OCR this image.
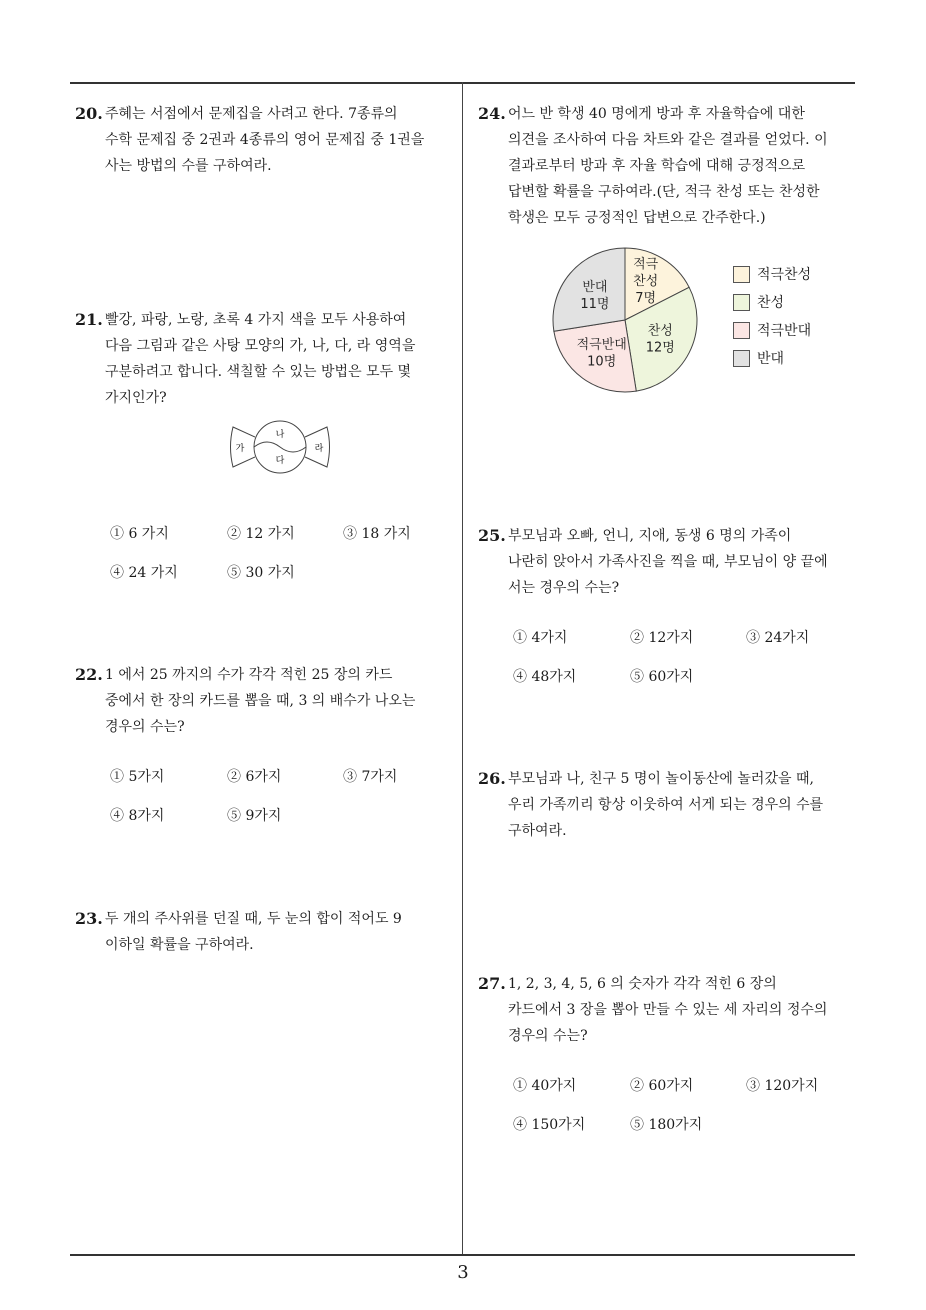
20. 주혜는 서점에서 문제집을 사려고 한다. 7종류의
수학 문제집 중 2권과 4종류의 영어 문제집 중 1권을
사는 방법의 수를 구하여라.
21. 빨강, 파랑, 노랑, 초록 4 가지 색을 모두 사용하여
다음 그림과 같은 사탕 모양의 가, 나, 다, 라 영역을
구분하려고 합니다. 색칠할 수 있는 방법은 모두 몇
가지인가?
가
나
다
라
① 6 가지	② 12 가지	③ 18 가지
④ 24 가지	⑤ 30 가지
22. 1 에서 25 까지의 수가 각각 적힌 25 장의 카드
중에서 한 장의 카드를 뽑을 때, 3 의 배수가 나오는
경우의 수는?
① 5가지	② 6가지	③ 7가지
④ 8가지	⑤ 9가지
23. 두 개의 주사위를 던질 때, 두 눈의 합이 적어도 9
이하일 확률을 구하여라.
24. 어느 반 학생 40 명에게 방과 후 자율학습에 대한
의견을 조사하여 다음 차트와 같은 결과를 얻었다. 이
결과로부터 방과 후 자율 학습에 대해 긍정적으로
답변할 확률을 구하여라.(단, 적극 찬성 또는 찬성한
학생은 모두 긍정적인 답변으로 간주한다.)
적극
찬성
7명
찬성
12명
적극반대
10명
반대
11명
적극찬성
찬성
적극반대
반대
25. 부모님과 오빠, 언니, 지애, 동생 6 명의 가족이
나란히 앉아서 가족사진을 찍을 때, 부모님이 양 끝에
서는 경우의 수는?
① 4가지	② 12가지	③ 24가지
④ 48가지	⑤ 60가지
26. 부모님과 나, 친구 5 명이 놀이동산에 놀러갔을 때,
우리 가족끼리 항상 이웃하여 서게 되는 경우의 수를
구하여라.
27. 1, 2, 3, 4, 5, 6 의 숫자가 각각 적힌 6 장의
카드에서 3 장을 뽑아 만들 수 있는 세 자리의 정수의
경우의 수는?
① 40가지	② 60가지	③ 120가지
④ 150가지	⑤ 180가지
3
